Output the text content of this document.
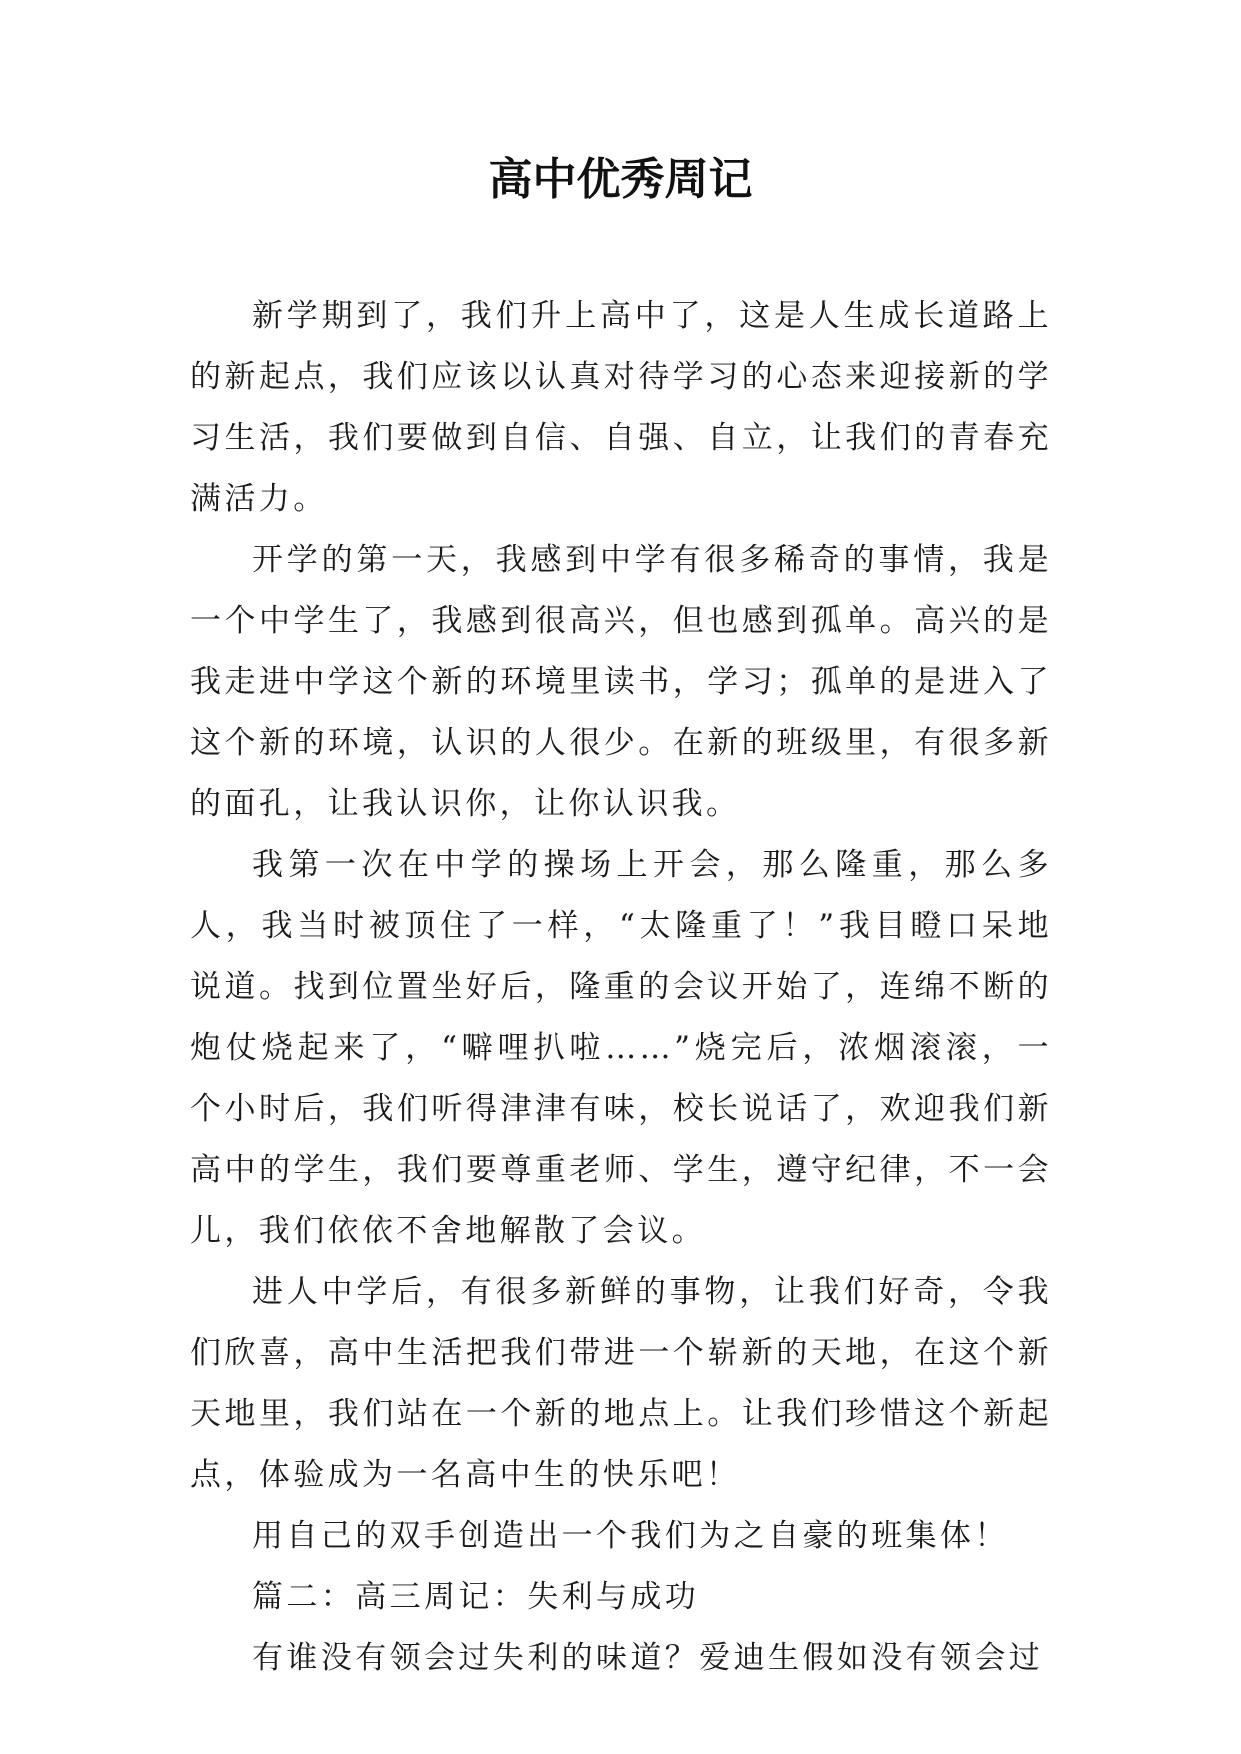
高中优秀周记

新学期到了，我们升上高中了，这是人生成长道路上的新起点，我们应该以认真对待学习的心态来迎接新的学习生活，我们要做到自信、自强、自立，让我们的青春充满活力。

开学的第一天，我感到中学有很多稀奇的事情，我是一个中学生了，我感到很高兴，但也感到孤单。高兴的是我走进中学这个新的环境里读书，学习；孤单的是进入了这个新的环境，认识的人很少。在新的班级里，有很多新的面孔，让我认识你，让你认识我。

我第一次在中学的操场上开会，那么隆重，那么多人，我当时被顶住了一样，“太隆重了！”我目瞪口呆地说道。找到位置坐好后，隆重的会议开始了，连绵不断的炮仗烧起来了，“噼哩扒啦……”烧完后，浓烟滚滚，一个小时后，我们听得津津有味，校长说话了，欢迎我们新高中的学生，我们要尊重老师、学生，遵守纪律，不一会儿，我们依依不舍地解散了会议。

进人中学后，有很多新鲜的事物，让我们好奇，令我们欣喜，高中生活把我们带进一个崭新的天地，在这个新天地里，我们站在一个新的地点上。让我们珍惜这个新起点，体验成为一名高中生的快乐吧！

用自己的双手创造出一个我们为之自豪的班集体！

篇二：高三周记：失利与成功

有谁没有领会过失利的味道？爱迪生假如没有领会过
